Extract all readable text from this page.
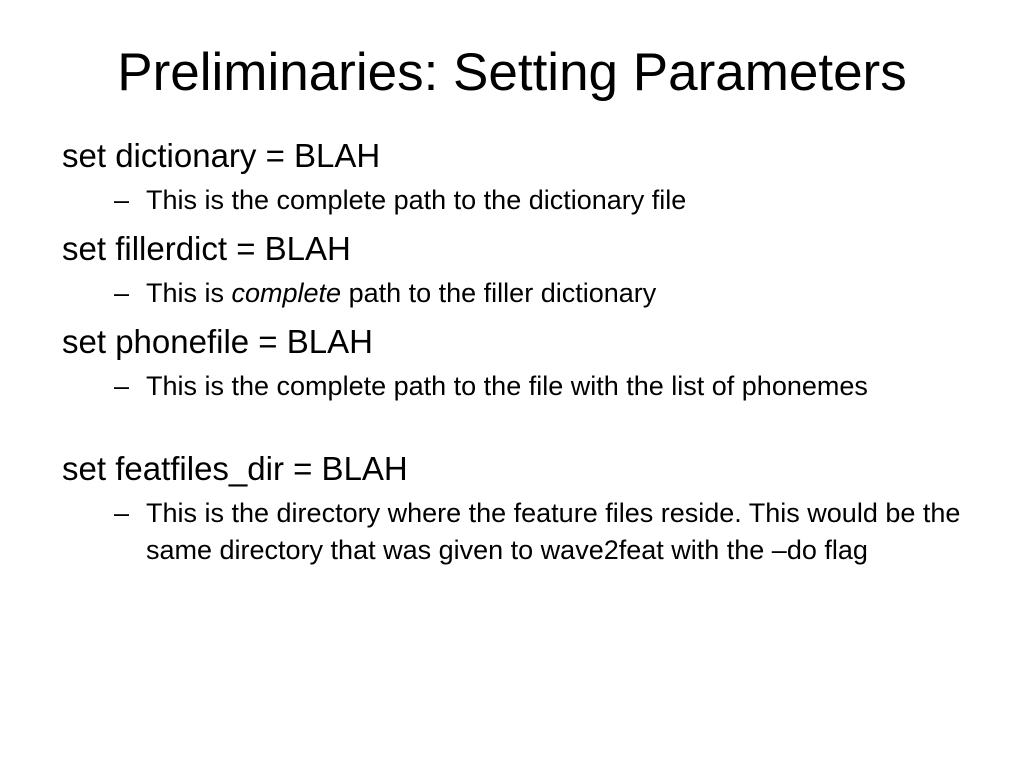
Preliminaries: Setting Parameters
set dictionary = BLAH
– This is the complete path to the dictionary file
set fillerdict = BLAH
– This is complete path to the filler dictionary
set phonefile = BLAH
– This is the complete path to the file with the list of phonemes
set featfiles_dir = BLAH
– This is the directory where the feature files reside. This would be the same directory that was given to wave2feat with the –do flag
